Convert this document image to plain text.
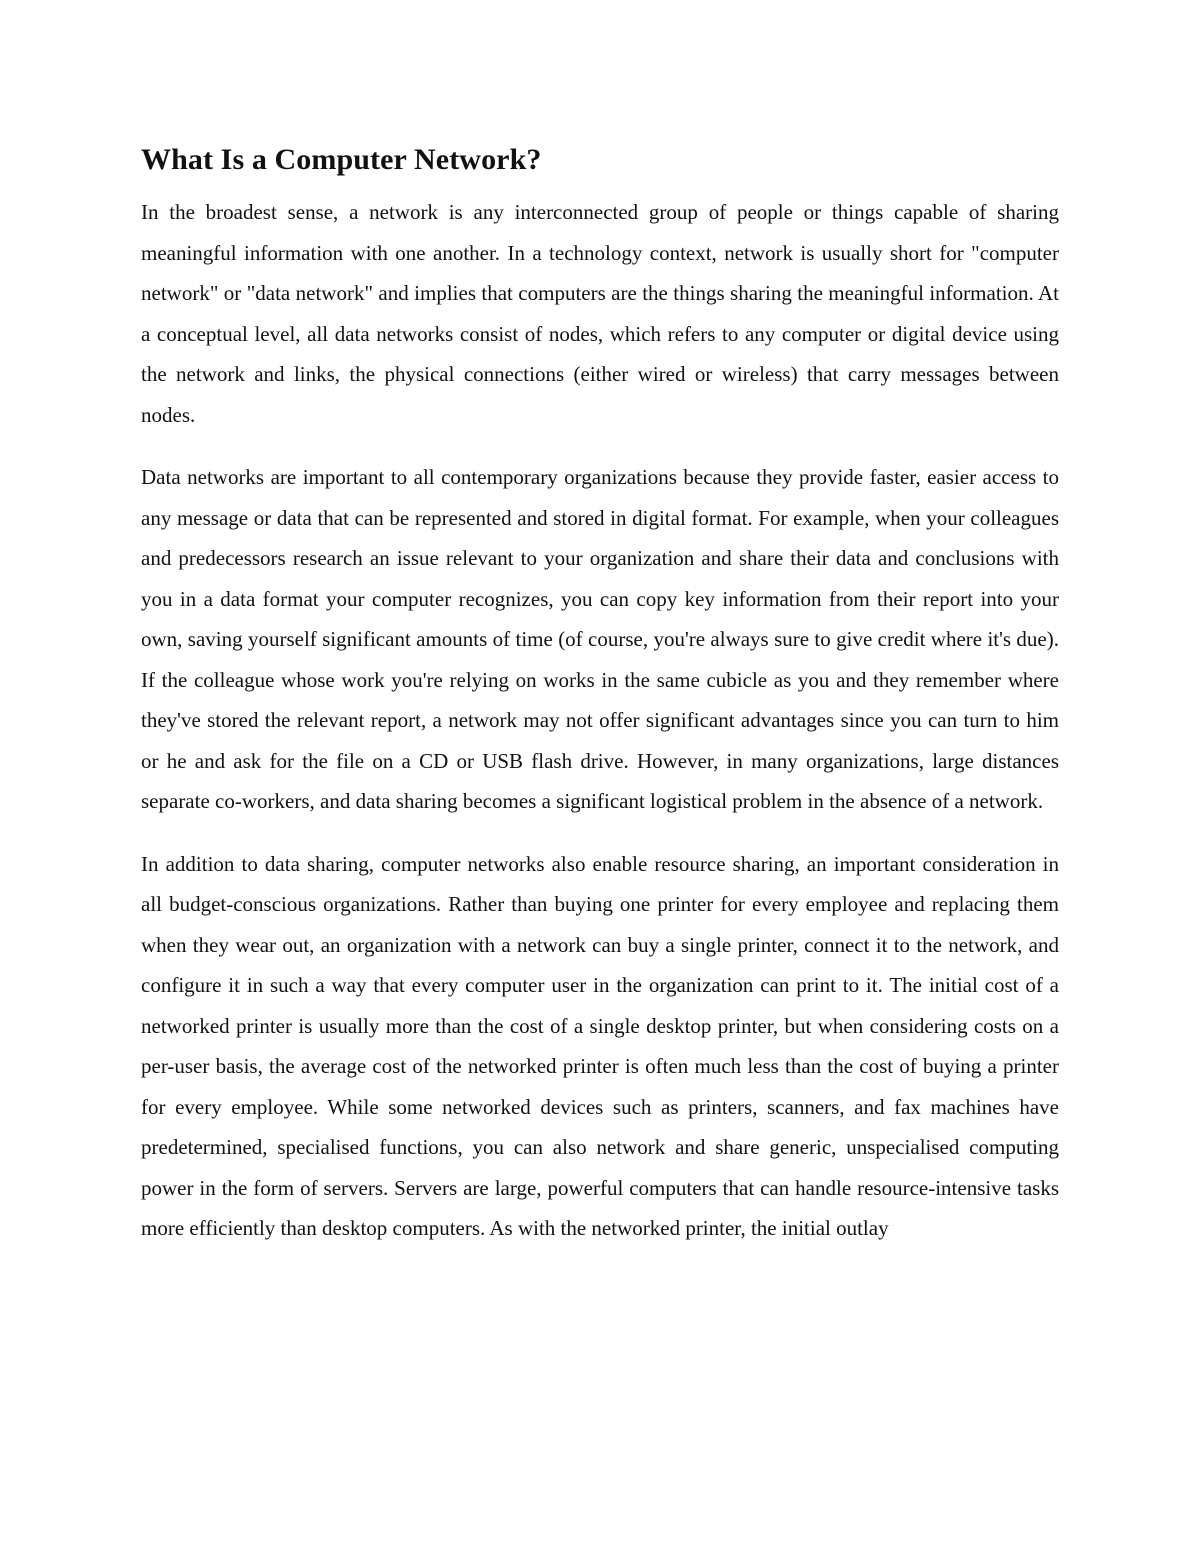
What Is a Computer Network?

In the broadest sense, a network is any interconnected group of people or things capable of sharing meaningful information with one another. In a technology context, network is usually short for "computer network" or "data network" and implies that computers are the things sharing the meaningful information. At a conceptual level, all data networks consist of nodes, which refers to any computer or digital device using the network and links, the physical connections (either wired or wireless) that carry messages between nodes.

Data networks are important to all contemporary organizations because they provide faster, easier access to any message or data that can be represented and stored in digital format. For example, when your colleagues and predecessors research an issue relevant to your organization and share their data and conclusions with you in a data format your computer recognizes, you can copy key information from their report into your own, saving yourself significant amounts of time (of course, you're always sure to give credit where it's due). If the colleague whose work you're relying on works in the same cubicle as you and they remember where they've stored the relevant report, a network may not offer significant advantages since you can turn to him or he and ask for the file on a CD or USB flash drive. However, in many organizations, large distances separate co-workers, and data sharing becomes a significant logistical problem in the absence of a network.

In addition to data sharing, computer networks also enable resource sharing, an important consideration in all budget-conscious organizations. Rather than buying one printer for every employee and replacing them when they wear out, an organization with a network can buy a single printer, connect it to the network, and configure it in such a way that every computer user in the organization can print to it. The initial cost of a networked printer is usually more than the cost of a single desktop printer, but when considering costs on a per-user basis, the average cost of the networked printer is often much less than the cost of buying a printer for every employee. While some networked devices such as printers, scanners, and fax machines have predetermined, specialised functions, you can also network and share generic, unspecialised computing power in the form of servers. Servers are large, powerful computers that can handle resource-intensive tasks more efficiently than desktop computers. As with the networked printer, the initial outlay
